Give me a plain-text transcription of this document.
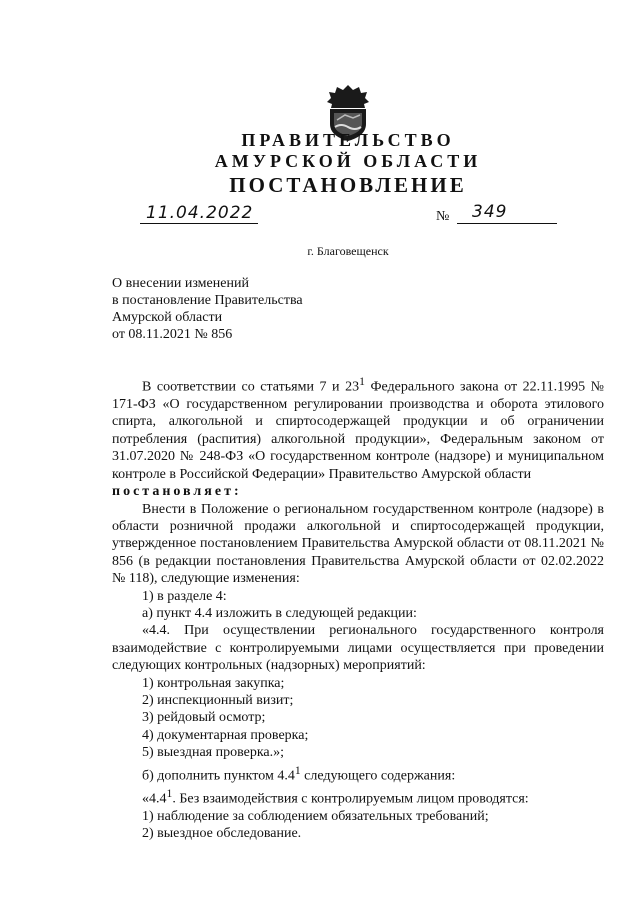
ПРАВИТЕЛЬСТВО
АМУРСКОЙ ОБЛАСТИ
ПОСТАНОВЛЕНИЕ
11.04.2022	№ 349
г. Благовещенск
О внесении изменений
в постановление Правительства
Амурской области
от 08.11.2021 № 856

В соответствии со статьями 7 и $23^1$ Федерального закона от 22.11.1995 № 171-ФЗ «О государственном регулировании производства и оборота этилового спирта, алкогольной и спиртосодержащей продукции и об ограничении потребления (распития) алкогольной продукции», Федеральным законом от 31.07.2020 № 248-ФЗ «О государственном контроле (надзоре) и муниципальном контроле в Российской Федерации» Правительство Амурской области

постановляет:

Внести в Положение о региональном государственном контроле (надзоре) в области розничной продажи алкогольной и спиртосодержащей продукции, утвержденное постановлением Правительства Амурской области от 08.11.2021 № 856 (в редакции постановления Правительства Амурской области от 02.02.2022 № 118), следующие изменения:

1) в разделе 4:

а) пункт 4.4 изложить в следующей редакции:

«4.4. При осуществлении регионального государственного контроля взаимодействие с контролируемыми лицами осуществляется при проведении следующих контрольных (надзорных) мероприятий:

1) контрольная закупка;

2) инспекционный визит;

3) рейдовый осмотр;

4) документарная проверка;

5) выездная проверка.»;

б) дополнить пунктом $4.4^1$ следующего содержания:

«$4.4^1$. Без взаимодействия с контролируемым лицом проводятся:

1) наблюдение за соблюдением обязательных требований;

2) выездное обследование.
